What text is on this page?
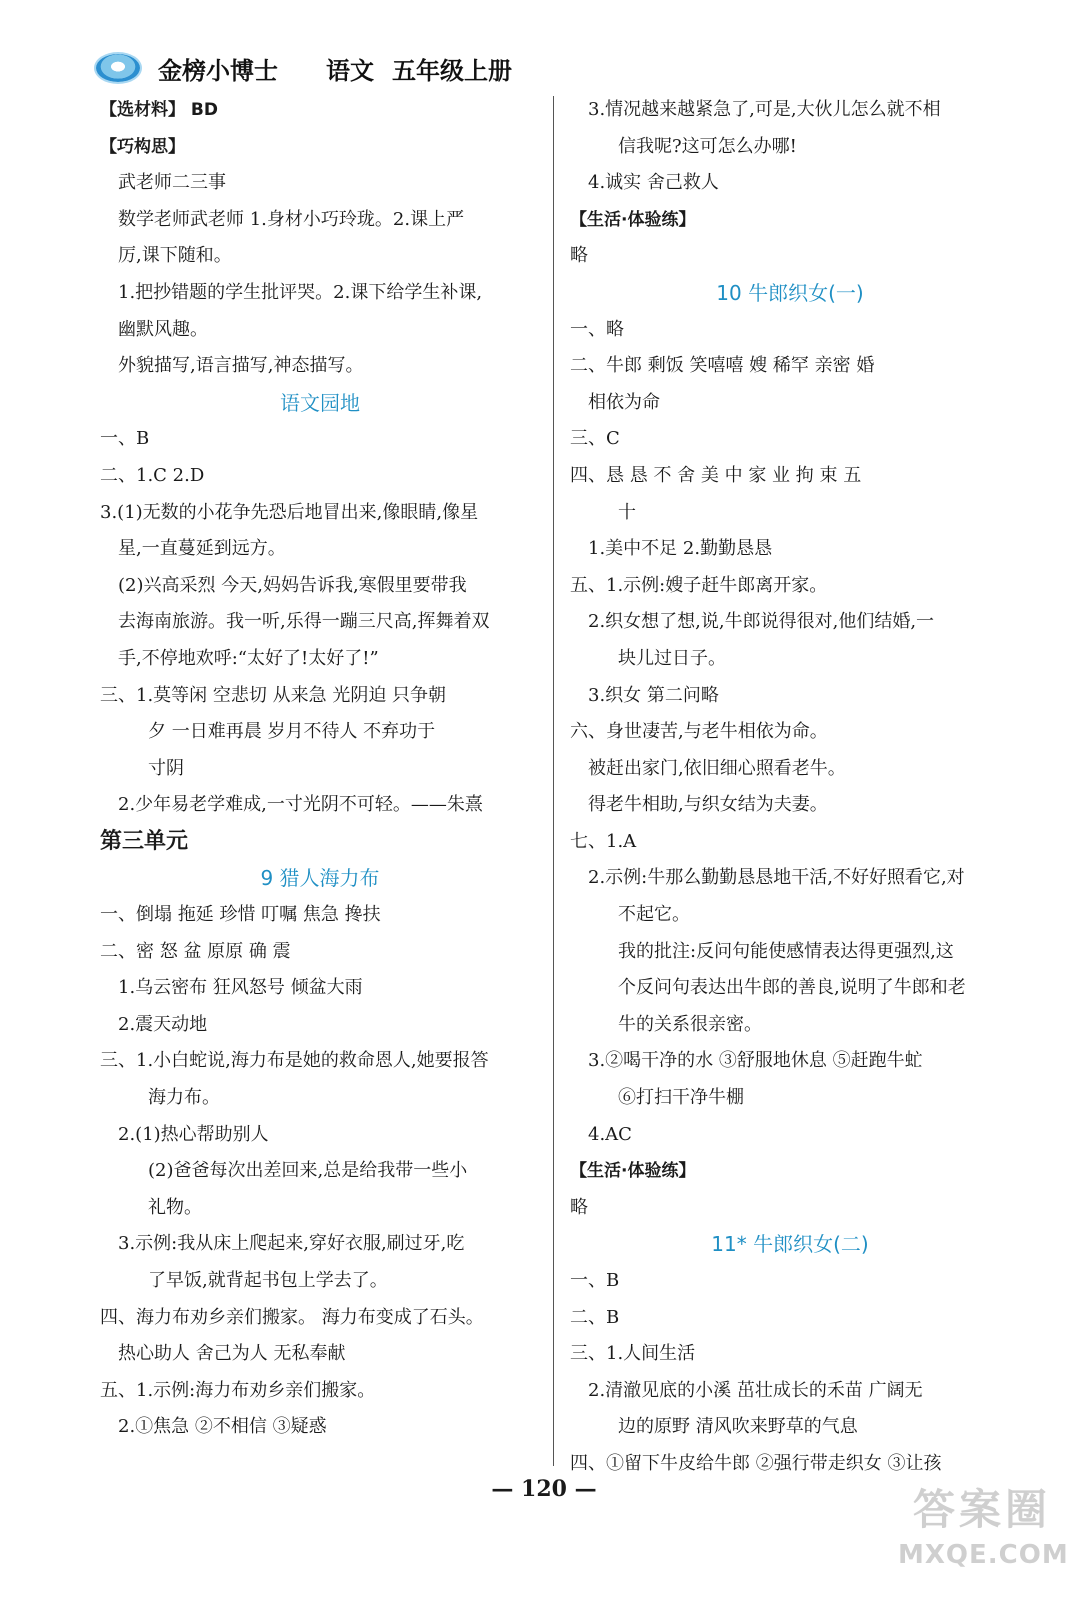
金榜小博士 语文 五年级上册
【选材料】 BD
【巧构思】
武老师二三事
数学老师武老师 1.身材小巧玲珑。2.课上严
厉,课下随和。
1.把抄错题的学生批评哭。2.课下给学生补课,
幽默风趣。
外貌描写,语言描写,神态描写。
语文园地
一、B
二、1.C 2.D
3.(1)无数的小花争先恐后地冒出来,像眼睛,像星
星,一直蔓延到远方。
(2)兴高采烈 今天,妈妈告诉我,寒假里要带我
去海南旅游。我一听,乐得一蹦三尺高,挥舞着双
手,不停地欢呼:“太好了!太好了!”
三、1.莫等闲 空悲切 从来急 光阴迫 只争朝
夕 一日难再晨 岁月不待人 不弃功于
寸阴
2.少年易老学难成,一寸光阴不可轻。——朱熹
第三单元
9 猎人海力布
一、倒塌 拖延 珍惜 叮嘱 焦急 搀扶
二、密 怒 盆 原原 确 震
1.乌云密布 狂风怒号 倾盆大雨
2.震天动地
三、1.小白蛇说,海力布是她的救命恩人,她要报答
海力布。
2.(1)热心帮助别人
(2)爸爸每次出差回来,总是给我带一些小
礼物。
3.示例:我从床上爬起来,穿好衣服,刷过牙,吃
了早饭,就背起书包上学去了。
四、海力布劝乡亲们搬家。 海力布变成了石头。
热心助人 舍己为人 无私奉献
五、1.示例:海力布劝乡亲们搬家。
2.①焦急 ②不相信 ③疑惑
3.情况越来越紧急了,可是,大伙儿怎么就不相
信我呢?这可怎么办哪!
4.诚实 舍己救人
【生活·体验练】
略
10 牛郎织女(一)
一、略
二、牛郎 剩饭 笑嘻嘻 嫂 稀罕 亲密 婚
相依为命
三、C
四、恳 恳 不 舍 美 中 家 业 拘 束 五
十
1.美中不足 2.勤勤恳恳
五、1.示例:嫂子赶牛郎离开家。
2.织女想了想,说,牛郎说得很对,他们结婚,一
块儿过日子。
3.织女 第二问略
六、身世凄苦,与老牛相依为命。
被赶出家门,依旧细心照看老牛。
得老牛相助,与织女结为夫妻。
七、1.A
2.示例:牛那么勤勤恳恳地干活,不好好照看它,对
不起它。
我的批注:反问句能使感情表达得更强烈,这
个反问句表达出牛郎的善良,说明了牛郎和老
牛的关系很亲密。
3.②喝干净的水 ③舒服地休息 ⑤赶跑牛虻
⑥打扫干净牛棚
4.AC
【生活·体验练】
略
11* 牛郎织女(二)
一、B
二、B
三、1.人间生活
2.清澈见底的小溪 茁壮成长的禾苗 广阔无
边的原野 清风吹来野草的气息
四、①留下牛皮给牛郎 ②强行带走织女 ③让孩
— 120 —	答案圈
MXQE.COM
